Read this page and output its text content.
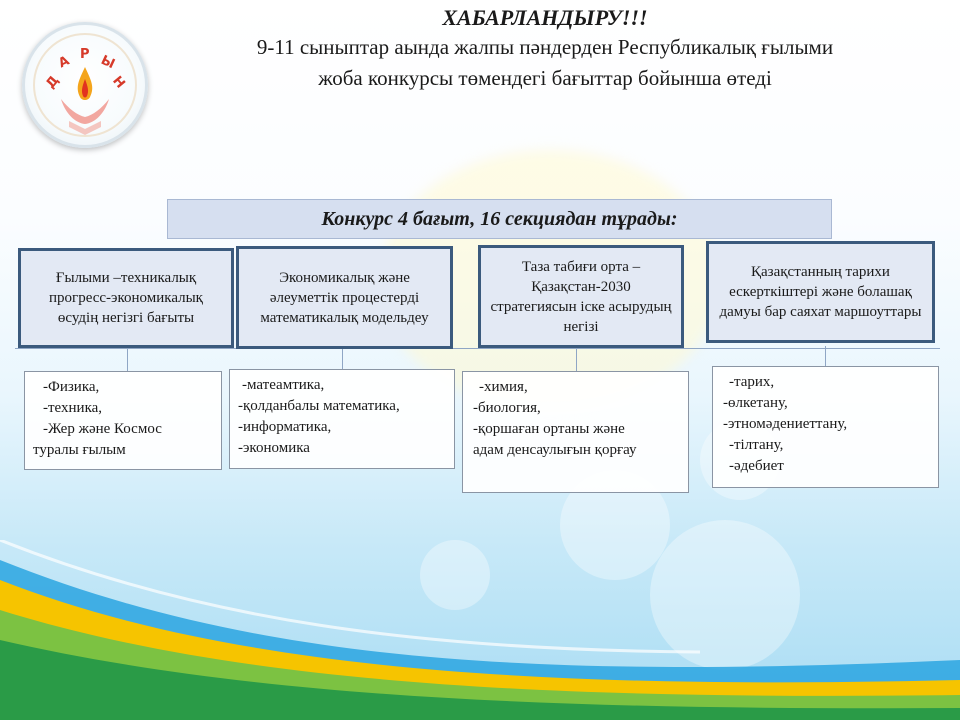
Д
А Р Ы
Н
ХАБАРЛАНДЫРУ!!!
9-11 сыныптар аында жалпы пәндерден Республикалық ғылыми
жоба конкурсы төмендегі бағыттар бойынша өтеді
Конкурс 4 бағыт, 16 секциядан тұрады:
Ғылыми –техникалық прогресс-экономикалық өсудің негізгі бағыты
Экономикалық және әлеуметтік процестерді математикалық модельдеу
Таза табиғи орта – Қазақстан-2030 стратегиясын іске асырудың негізі
Қазақстанның тарихи ескерткіштері және болашақ дамуы бар саяхат маршоуттары
-Физика,
-техника,
-Жер және Космос
туралы ғылым
-матеамтика,
-қолданбалы математика,
-информатика,
-экономика
-химия,
-биология,
-қоршаған ортаны және
адам денсаулығын қорғау
-тарих,
-өлкетану,
-этномәдениеттану,
-тілтану,
-әдебиет
